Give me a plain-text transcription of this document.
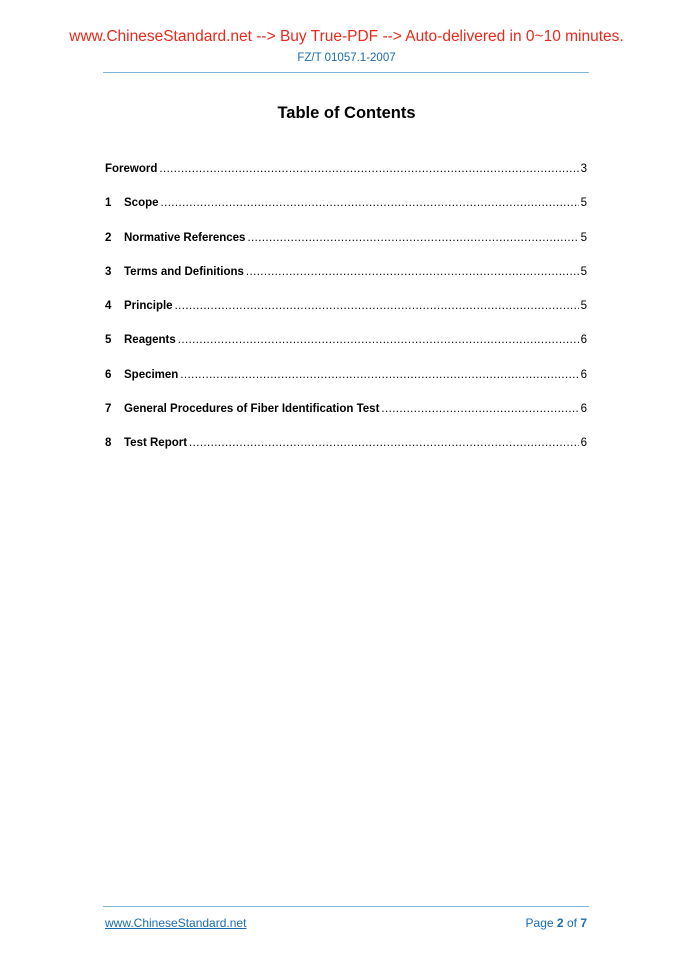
www.ChineseStandard.net --> Buy True-PDF --> Auto-delivered in 0~10 minutes.
FZ/T 01057.1-2007
Table of Contents
Foreword .....	3
1	Scope .....	5
2	Normative References .....	5
3	Terms and Definitions .....	5
4	Principle .....	5
5	Reagents .....	6
6	Specimen .....	6
7	General Procedures of Fiber Identification Test .....	6
8	Test Report .....	6
www.ChineseStandard.net	Page 2 of 7
